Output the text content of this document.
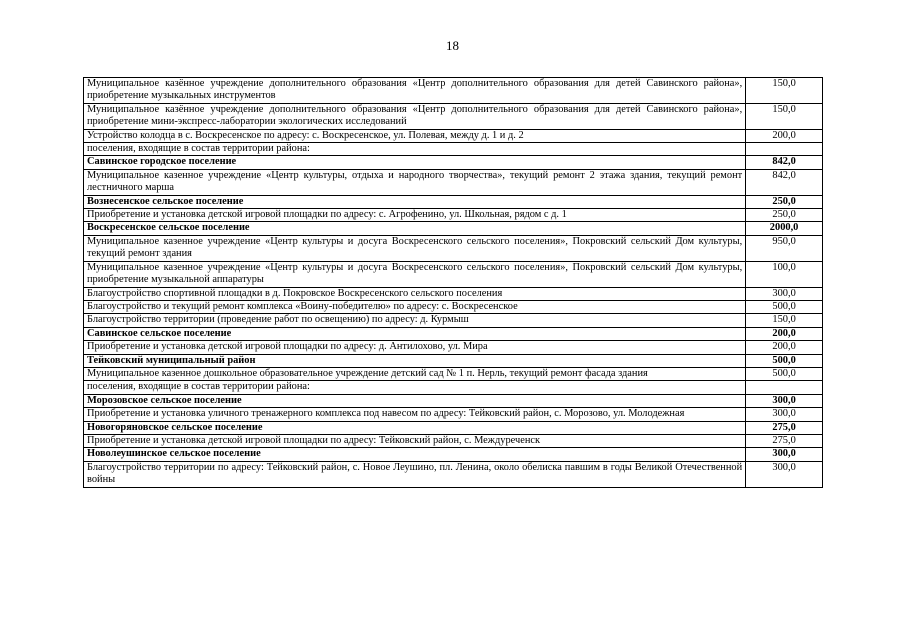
18
Муниципальное казённое учреждение дополнительного образования «Центр дополнительного образования для детей Савинского района», приобретение музыкальных инструментов	150,0
Муниципальное казённое учреждение дополнительного образования «Центр дополнительного образования для детей Савинского района», приобретение мини-экспресс-лаборатории экологических исследований	150,0
Устройство колодца в с. Воскресенское по адресу: с. Воскресенское, ул. Полевая, между д. 1 и д. 2	200,0
поселения, входящие в состав территории района:	
Савинское городское поселение	842,0
Муниципальное казенное учреждение «Центр культуры, отдыха и народного творчества», текущий ремонт 2 этажа здания, текущий ремонт лестничного марша	842,0
Вознесенское сельское поселение	250,0
Приобретение и установка детской игровой площадки по адресу: с. Агрофенино, ул. Школьная, рядом с д. 1	250,0
Воскресенское сельское поселение	2000,0
Муниципальное казенное учреждение «Центр культуры и досуга Воскресенского сельского поселения», Покровский сельский Дом культуры, текущий ремонт здания	950,0
Муниципальное казенное учреждение «Центр культуры и досуга Воскресенского сельского поселения», Покровский сельский Дом культуры, приобретение музыкальной аппаратуры	100,0
Благоустройство спортивной площадки в д. Покровское Воскресенского сельского поселения	300,0
Благоустройство и текущий ремонт комплекса «Воину-победителю» по адресу: с. Воскресенское	500,0
Благоустройство территории (проведение работ по освещению) по адресу: д. Курмыш	150,0
Савинское сельское поселение	200,0
Приобретение и установка детской игровой площадки по адресу: д. Антилохово, ул. Мира	200,0
Тейковский муниципальный район	500,0
Муниципальное казенное дошкольное образовательное учреждение детский сад № 1 п. Нерль, текущий ремонт фасада здания	500,0
поселения, входящие в состав территории района:	
Морозовское сельское поселение	300,0
Приобретение и установка уличного тренажерного комплекса под навесом по адресу: Тейковский район, с. Морозово, ул. Молодежная	300,0
Новогоряновское сельское поселение	275,0
Приобретение и установка детской игровой площадки по адресу: Тейковский район, с. Междуреченск	275,0
Новолеушинское сельское поселение	300,0
Благоустройство территории по адресу: Тейковский район, с. Новое Леушино, пл. Ленина, около обелиска павшим в годы Великой Отечественной войны	300,0
